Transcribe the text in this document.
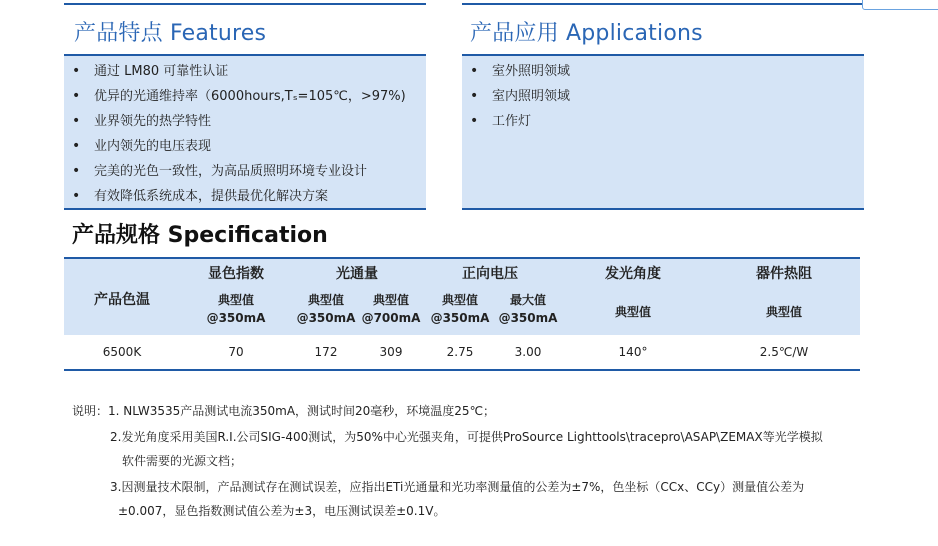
产品特点 Features
• 通过 LM80 可靠性认证
• 优异的光通维持率（6000hours,Tₛ=105℃，>97%)
• 业界领先的热学特性
• 业内领先的电压表现
• 完美的光色一致性，为高品质照明环境专业设计
• 有效降低系统成本，提供最优化解决方案
产品应用 Applications
• 室外照明领域
• 室内照明领域
• 工作灯
产品规格 Specification
产品色温	显色指数	光通量		正向电压		发光角度	器件热阻
	典型值	典型值	典型值	典型值	最大值	典型值	典型值
	@350mA	@350mA	@700mA	@350mA	@350mA		
6500K	70	172	309	2.75	3.00	140°	2.5℃/W
说明：1. NLW3535产品测试电流350mA，测试时间20毫秒，环境温度25℃；
2.发光角度采用美国R.I.公司SIG-400测试，为50%中心光强夹角，可提供ProSource Lighttools\tracepro\ASAP\ZEMAX等光学模拟
软件需要的光源文档；
3.因测量技术限制，产品测试存在测试误差，应指出ETi光通量和光功率测量值的公差为±7%，色坐标（CCx、CCy）测量值公差为
±0.007，显色指数测试值公差为±3，电压测试误差±0.1V。
